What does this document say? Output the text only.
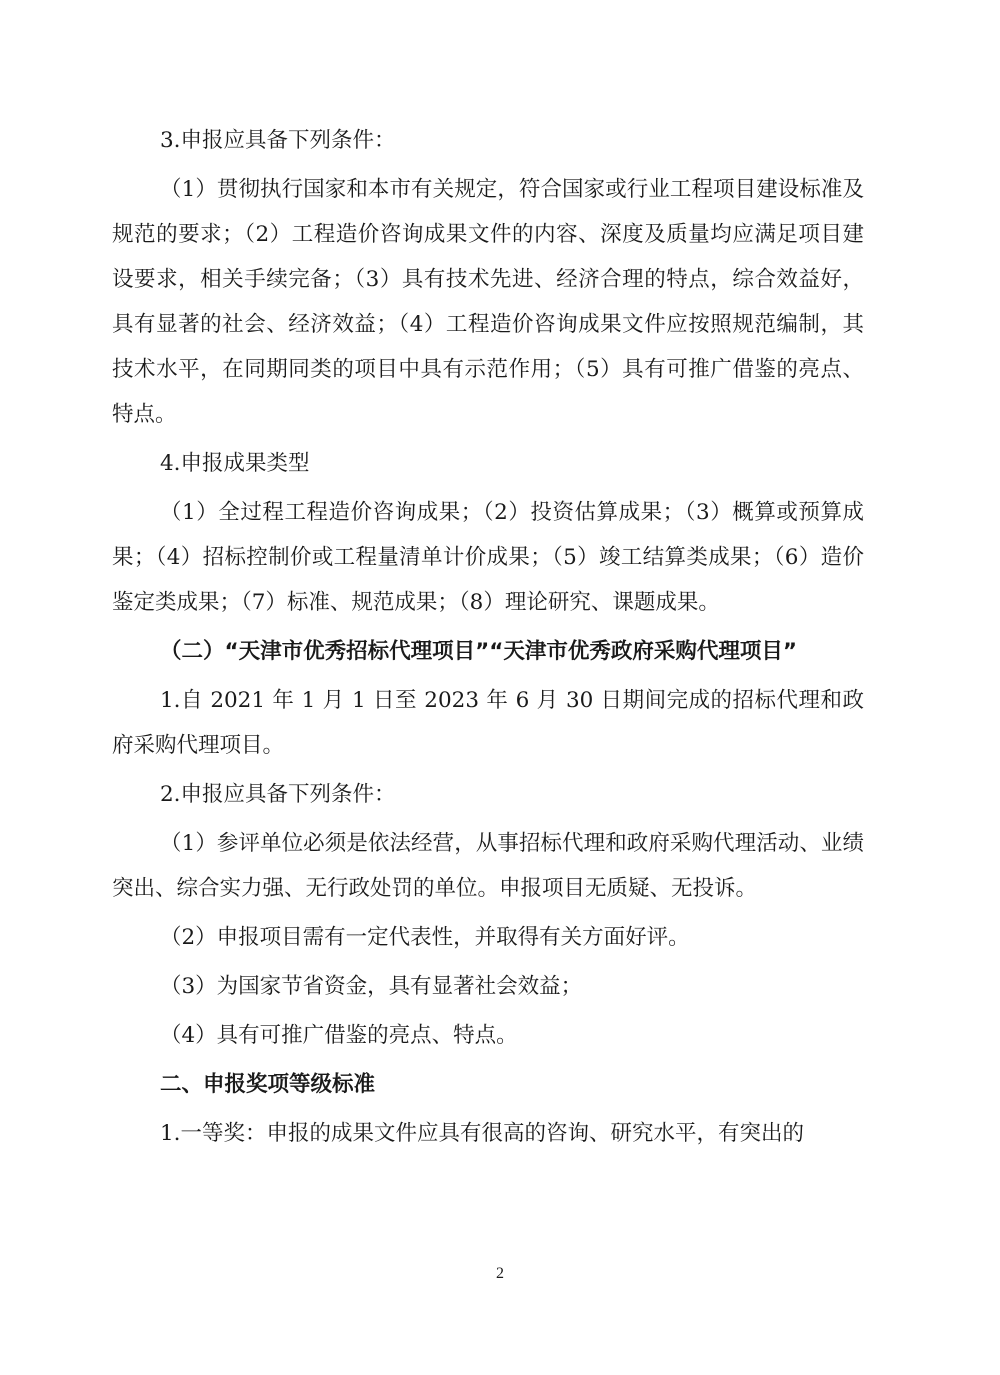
3.申报应具备下列条件：

（1）贯彻执行国家和本市有关规定，符合国家或行业工程项目建设标准及规范的要求；（2）工程造价咨询成果文件的内容、深度及质量均应满足项目建设要求，相关手续完备；（3）具有技术先进、经济合理的特点，综合效益好，具有显著的社会、经济效益；（4）工程造价咨询成果文件应按照规范编制，其技术水平，在同期同类的项目中具有示范作用；（5）具有可推广借鉴的亮点、特点。

4.申报成果类型

（1）全过程工程造价咨询成果；（2）投资估算成果；（3）概算或预算成果；（4）招标控制价或工程量清单计价成果；（5）竣工结算类成果；（6）造价鉴定类成果；（7）标准、规范成果；（8）理论研究、课题成果。

（二）“天津市优秀招标代理项目”“天津市优秀政府采购代理项目”

1.自 2021 年 1 月 1 日至 2023 年 6 月 30 日期间完成的招标代理和政府采购代理项目。

2.申报应具备下列条件：

（1）参评单位必须是依法经营，从事招标代理和政府采购代理活动、业绩突出、综合实力强、无行政处罚的单位。申报项目无质疑、无投诉。

（2）申报项目需有一定代表性，并取得有关方面好评。

（3）为国家节省资金，具有显著社会效益；

（4）具有可推广借鉴的亮点、特点。

二、申报奖项等级标准

1.一等奖：申报的成果文件应具有很高的咨询、研究水平，有突出的

2
